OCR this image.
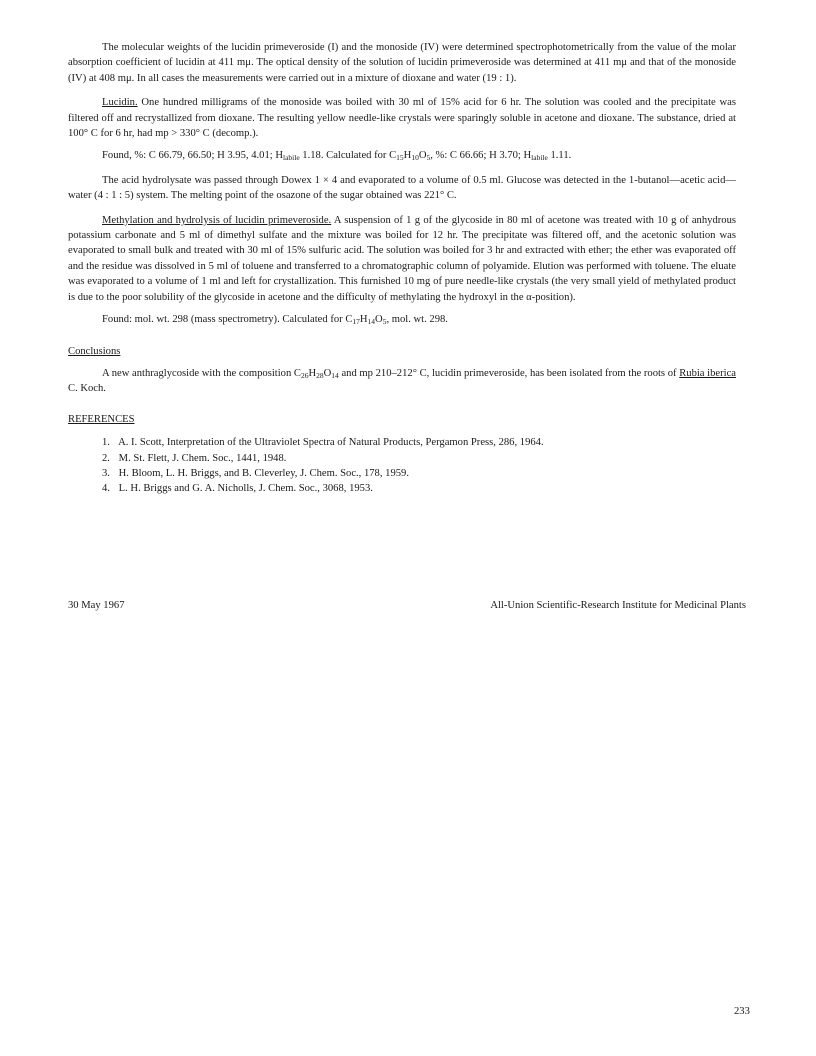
The molecular weights of the lucidin primeveroside (I) and the monoside (IV) were determined spectrophotometrically from the value of the molar absorption coefficient of lucidin at 411 mμ. The optical density of the solution of lucidin primeveroside was determined at 411 mμ and that of the monoside (IV) at 408 mμ. In all cases the measurements were carried out in a mixture of dioxane and water (19 : 1).

Lucidin. One hundred milligrams of the monoside was boiled with 30 ml of 15% acid for 6 hr. The solution was cooled and the precipitate was filtered off and recrystallized from dioxane. The resulting yellow needle-like crystals were sparingly soluble in acetone and dioxane. The substance, dried at 100° C for 6 hr, had mp > 330° C (decomp.).

Found, %: C 66.79, 66.50; H 3.95, 4.01; $H_{labile}$ 1.18. Calculated for $C_{15}H_{10}O_5$, %: C 66.66; H 3.70; $H_{labile}$ 1.11.

The acid hydrolysate was passed through Dowex 1 × 4 and evaporated to a volume of 0.5 ml. Glucose was detected in the 1-butanol—acetic acid—water (4 : 1 : 5) system. The melting point of the osazone of the sugar obtained was 221° C.

Methylation and hydrolysis of lucidin primeveroside. A suspension of 1 g of the glycoside in 80 ml of acetone was treated with 10 g of anhydrous potassium carbonate and 5 ml of dimethyl sulfate and the mixture was boiled for 12 hr. The precipitate was filtered off, and the acetonic solution was evaporated to small bulk and treated with 30 ml of 15% sulfuric acid. The solution was boiled for 3 hr and extracted with ether; the ether was evaporated off and the residue was dissolved in 5 ml of toluene and transferred to a chromatographic column of polyamide. Elution was performed with toluene. The eluate was evaporated to a volume of 1 ml and left for crystallization. This furnished 10 mg of pure needle-like crystals (the very small yield of methylated product is due to the poor solubility of the glycoside in acetone and the difficulty of methylating the hydroxyl in the α-position).

Found: mol. wt. 298 (mass spectrometry). Calculated for $C_{17}H_{14}O_5$, mol. wt. 298.

Conclusions

A new anthraglycoside with the composition $C_{26}H_{28}O_{14}$ and mp 210–212° C, lucidin primeveroside, has been isolated from the roots of Rubia iberica C. Koch.

REFERENCES

1. A. I. Scott, Interpretation of the Ultraviolet Spectra of Natural Products, Pergamon Press, 286, 1964.
2. M. St. Flett, J. Chem. Soc., 1441, 1948.
3. H. Bloom, L. H. Briggs, and B. Cleverley, J. Chem. Soc., 178, 1959.
4. L. H. Briggs and G. A. Nicholls, J. Chem. Soc., 3068, 1953.
30 May 1967	All-Union Scientific-Research Institute for Medicinal Plants
233
